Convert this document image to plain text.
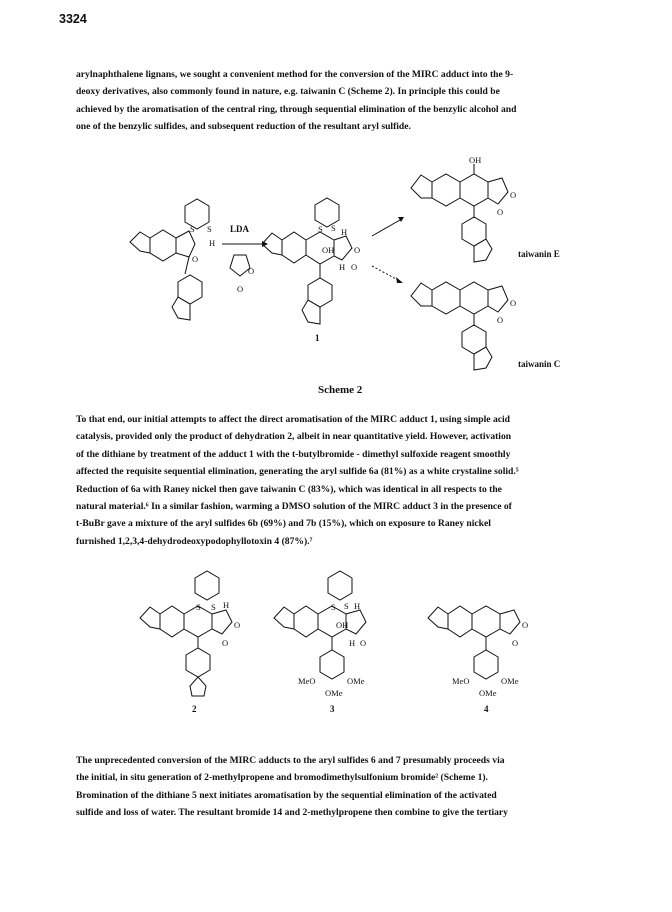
3324
arylnaphthalene lignans, we sought a convenient method for the conversion of the MIRC adduct into the 9-
deoxy derivatives, also commonly found in nature, e.g. taiwanin C (Scheme 2). In principle this could be
achieved by the aromatisation of the central ring, through sequential elimination of the benzylic alcohol and
one of the benzylic sulfides, and subsequent reduction of the resultant aryl sulfide.
S S
H
O
LDA
O
O
S S H
OH
H O
O
1
OH
O
O
taiwanin E
O
O
taiwanin C
S S H
O
O
2
S S H
OH
H O
MeO	OMe
OMe
3
O
O
MeO	OMe
OMe
4
Scheme 2
To that end, our initial attempts to affect the direct aromatisation of the MIRC adduct 1, using simple acid
catalysis, provided only the product of dehydration 2, albeit in near quantitative yield. However, activation
of the dithiane by treatment of the adduct 1 with the t-butylbromide - dimethyl sulfoxide reagent smoothly
affected the requisite sequential elimination, generating the aryl sulfide 6a (81%) as a white crystaline solid.⁵
Reduction of 6a with Raney nickel then gave taiwanin C (83%), which was identical in all respects to the
natural material.⁶ In a similar fashion, warming a DMSO solution of the MIRC adduct 3 in the presence of
t-BuBr gave a mixture of the aryl sulfides 6b (69%) and 7b (15%), which on exposure to Raney nickel
furnished 1,2,3,4-dehydrodeoxypodophyllotoxin 4 (87%).⁷
The unprecedented conversion of the MIRC adducts to the aryl sulfides 6 and 7 presumably proceeds via
the initial, in situ generation of 2-methylpropene and bromodimethylsulfonium bromide² (Scheme 1).
Bromination of the dithiane 5 next initiates aromatisation by the sequential elimination of the activated
sulfide and loss of water. The resultant bromide 14 and 2-methylpropene then combine to give the tertiary
